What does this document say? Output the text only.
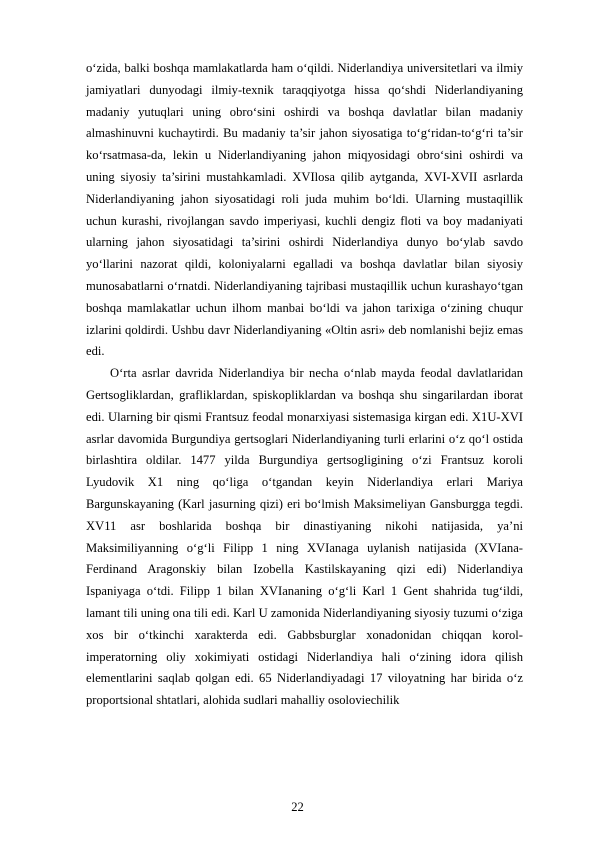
o‘zida, balki boshqa mamlakatlarda ham o‘qildi. Niderlandiya universitetlari va ilmiy jamiyatlari dunyodagi ilmiy-texnik taraqqiyotga hissa qo‘shdi Niderlandiyaning madaniy yutuqlari uning obro‘sini oshirdi va boshqa davlatlar bilan madaniy almashinuvni kuchaytirdi. Bu madaniy ta’sir jahon siyosatiga to‘g‘ridan-to‘g‘ri ta’sir ko‘rsatmasa-da, lekin u Niderlandiyaning jahon miqyosidagi obro‘sini oshirdi va uning siyosiy ta’sirini mustahkamladi. XVIlosa qilib aytganda, XVI-XVII asrlarda Niderlandiyaning jahon siyosatidagi roli juda muhim bo‘ldi. Ularning mustaqillik uchun kurashi, rivojlangan savdo imperiyasi, kuchli dengiz floti va boy madaniyati ularning jahon siyosatidagi ta’sirini oshirdi Niderlandiya dunyo bo‘ylab savdo yo‘llarini nazorat qildi, koloniyalarni egalladi va boshqa davlatlar bilan siyosiy munosabatlarni o‘rnatdi. Niderlandiyaning tajribasi mustaqillik uchun kurashayo‘tgan boshqa mamlakatlar uchun ilhom manbai bo‘ldi va jahon tarixiga o‘zining chuqur izlarini qoldirdi. Ushbu davr Niderlandiyaning «Oltin asri» deb nomlanishi bejiz emas edi.

O‘rta asrlar davrida Niderlandiya bir necha o‘nlab mayda feodal davlatlaridan Gertsogliklardan, grafliklardan, spiskopliklardan va boshqa shu singarilardan iborat edi. Ularning bir qismi Frantsuz feodal monarxiyasi sistemasiga kirgan edi. X1U-XVI asrlar davomida Burgundiya gertsoglari Niderlandiyaning turli erlarini o‘z qo‘l ostida birlashtira oldilar. 1477 yilda Burgundiya gertsogligining o‘zi Frantsuz koroli Lyudovik X1 ning qo‘liga o‘tgandan keyin Niderlandiya erlari Mariya Bargunskayaning (Karl jasurning qizi) eri bo‘lmish Maksimeliyan Gansburgga tegdi. XV11 asr boshlarida boshqa bir dinastiyaning nikohi natijasida, ya’ni Maksimiliyanning o‘g‘li Filipp 1 ning XVIanaga uylanish natijasida (XVIana-Ferdinand Aragonskiy bilan Izobella Kastilskayaning qizi edi) Niderlandiya Ispaniyaga o‘tdi. Filipp 1 bilan XVIananing o‘g‘li Karl 1 Gent shahrida tug‘ildi, lamant tili uning ona tili edi. Karl U zamonida Niderlandiyaning siyosiy tuzumi o‘ziga xos bir o‘tkinchi xarakterda edi. Gabbsburglar xonadonidan chiqqan korol-imperatorning oliy xokimiyati ostidagi Niderlandiya hali o‘zining idora qilish elementlarini saqlab qolgan edi. 65 Niderlandiyadagi 17 viloyatning har birida o‘z proportsional shtatlari, alohida sudlari mahalliy osoloviechilik

22
